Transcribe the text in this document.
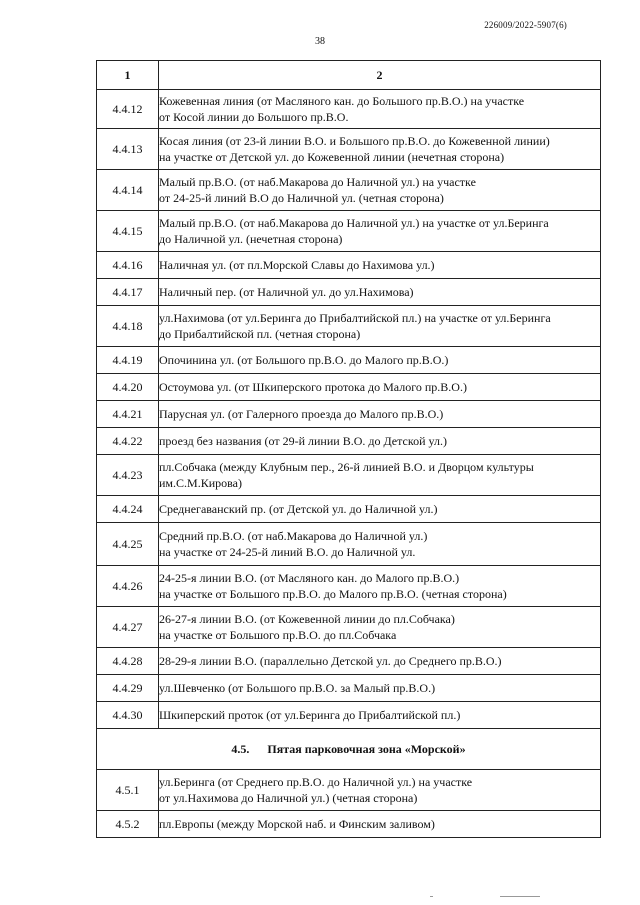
226009/2022-5907(6)
38
1	2
4.4.12	Кожевенная линия (от Масляного кан. до Большого пр.В.О.) на участке
от Косой линии до Большого пр.В.О.

4.4.13	Косая линия (от 23-й линии В.О. и Большого пр.В.О. до Кожевенной линии)
на участке от Детской ул. до Кожевенной линии (нечетная сторона)

4.4.14	Малый пр.В.О. (от наб.Макарова до Наличной ул.) на участке
от 24-25-й линий В.О до Наличной ул. (четная сторона)

4.4.15	Малый пр.В.О. (от наб.Макарова до Наличной ул.) на участке от ул.Беринга
до Наличной ул. (нечетная сторона)

4.4.16	Наличная ул. (от пл.Морской Славы до Нахимова ул.)

4.4.17	Наличный пер. (от Наличной ул. до ул.Нахимова)

4.4.18	ул.Нахимова (от ул.Беринга до Прибалтийской пл.) на участке от ул.Беринга
до Прибалтийской пл. (четная сторона)

4.4.19	Опочинина ул. (от Большого пр.В.О. до Малого пр.В.О.)

4.4.20	Остоумова ул. (от Шкиперского протока до Малого пр.В.О.)

4.4.21	Парусная ул. (от Галерного проезда до Малого пр.В.О.)

4.4.22	проезд без названия (от 29-й линии В.О. до Детской ул.)

4.4.23	пл.Собчака (между Клубным пер., 26-й линией В.О. и Дворцом культуры
им.С.М.Кирова)

4.4.24	Среднегаванский пр. (от Детской ул. до Наличной ул.)

4.4.25	Средний пр.В.О. (от наб.Макарова до Наличной ул.)
на участке от 24-25-й линий В.О. до Наличной ул.

4.4.26	24-25-я линии В.О. (от Масляного кан. до Малого пр.В.О.)
на участке от Большого пр.В.О. до Малого пр.В.О. (четная сторона)

4.4.27	26-27-я линии В.О. (от Кожевенной линии до пл.Собчака)
на участке от Большого пр.В.О. до пл.Собчака

4.4.28	28-29-я линии В.О. (параллельно Детской ул. до Среднего пр.В.О.)

4.4.29	ул.Шевченко (от Большого пр.В.О. за Малый пр.В.О.)

4.4.30	Шкиперский проток (от ул.Беринга до Прибалтийской пл.)

4.5. Пятая парковочная зона «Морской»	
4.5.1	ул.Беринга (от Среднего пр.В.О. до Наличной ул.) на участке
от ул.Нахимова до Наличной ул.) (четная сторона)

4.5.2	пл.Европы (между Морской наб. и Финским заливом)
